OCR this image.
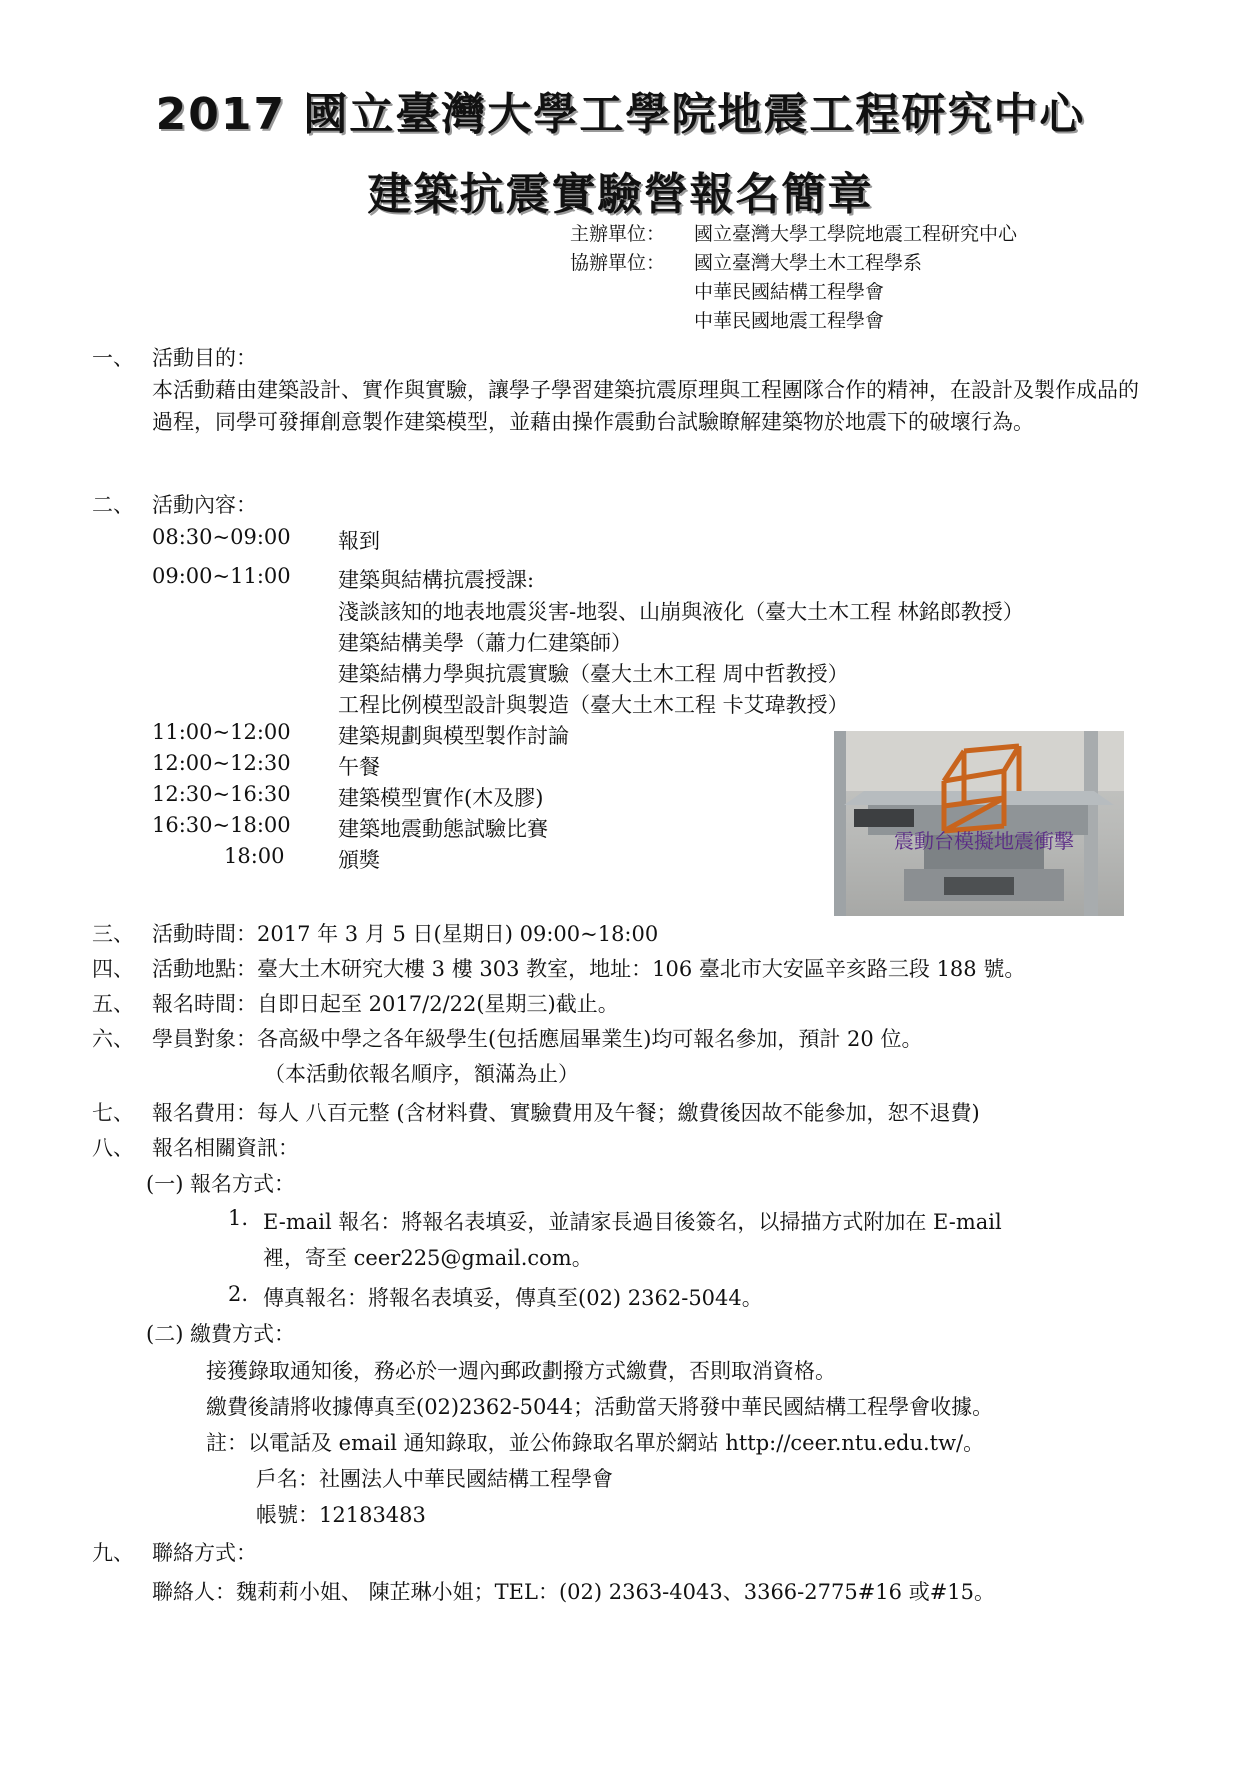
2017 國立臺灣大學工學院地震工程研究中心
建築抗震實驗營報名簡章
主辦單位： 國立臺灣大學工學院地震工程研究中心
協辦單位： 國立臺灣大學土木工程學系
中華民國結構工程學會
中華民國地震工程學會
一、 活動目的：
本活動藉由建築設計、實作與實驗，讓學子學習建築抗震原理與工程團隊合作的精神，在設計及製作成品的過程，同學可發揮創意製作建築模型，並藉由操作震動台試驗瞭解建築物於地震下的破壞行為。
二、 活動內容：
08:30~09:00 報到
09:00~11:00 建築與結構抗震授課:
淺談該知的地表地震災害-地裂、山崩與液化（臺大土木工程 林銘郎教授）
建築結構美學（蕭力仁建築師）
建築結構力學與抗震實驗（臺大土木工程 周中哲教授）
工程比例模型設計與製造（臺大土木工程 卡艾瑋教授）
11:00~12:00 建築規劃與模型製作討論
12:00~12:30 午餐
12:30~16:30 建築模型實作(木及膠)
16:30~18:00 建築地震動態試驗比賽
18:00	頒獎
震動台模擬地震衝擊
三、 活動時間：2017 年 3 月 5 日(星期日) 09:00~18:00
四、 活動地點：臺大土木研究大樓 3 樓 303 教室，地址：106 臺北市大安區辛亥路三段 188 號。
五、 報名時間：自即日起至 2017/2/22(星期三)截止。
六、 學員對象：各高級中學之各年級學生(包括應屆畢業生)均可報名參加，預計 20 位。
（本活動依報名順序，額滿為止）
七、 報名費用：每人 八百元整 (含材料費、實驗費用及午餐；繳費後因故不能參加，恕不退費)
八、 報名相關資訊：
(一) 報名方式：
1. E-mail 報名：將報名表填妥，並請家長過目後簽名，以掃描方式附加在 E-mail
裡，寄至 ceer225@gmail.com。
2. 傳真報名：將報名表填妥，傳真至(02) 2362-5044。
(二) 繳費方式：
接獲錄取通知後，務必於一週內郵政劃撥方式繳費，否則取消資格。
繳費後請將收據傳真至(02)2362-5044；活動當天將發中華民國結構工程學會收據。
註：以電話及 email 通知錄取，並公佈錄取名單於網站 http://ceer.ntu.edu.tw/。
戶名：社團法人中華民國結構工程學會
帳號：12183483
九、 聯絡方式：
聯絡人：魏莉莉小姐、 陳芷琳小姐；TEL：(02) 2363-4043、3366-2775#16 或#15。
